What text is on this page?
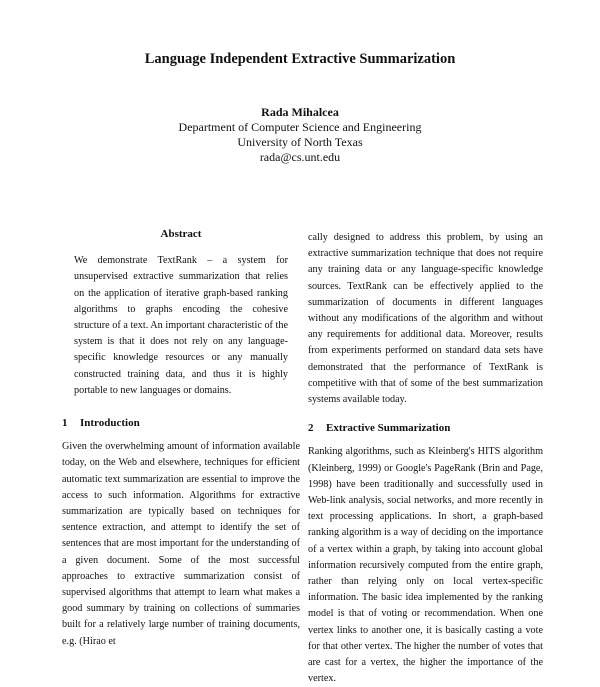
Language Independent Extractive Summarization
Rada Mihalcea
Department of Computer Science and Engineering
University of North Texas
rada@cs.unt.edu
Abstract

We demonstrate TextRank – a system for unsupervised extractive summarization that relies on the application of iterative graph-based ranking algorithms to graphs encoding the cohesive structure of a text. An important characteristic of the system is that it does not rely on any language-specific knowledge resources or any manually constructed training data, and thus it is highly portable to new languages or domains.

1 Introduction

Given the overwhelming amount of information available today, on the Web and elsewhere, techniques for efficient automatic text summarization are essential to improve the access to such information. Algorithms for extractive summarization are typically based on techniques for sentence extraction, and attempt to identify the set of sentences that are most important for the understanding of a given document. Some of the most successful approaches to extractive summarization consist of supervised algorithms that attempt to learn what makes a good summary by training on collections of summaries built for a relatively large number of training documents, e.g. (Hirao et

cally designed to address this problem, by using an extractive summarization technique that does not require any training data or any language-specific knowledge sources. TextRank can be effectively applied to the summarization of documents in different languages without any modifications of the algorithm and without any requirements for additional data. Moreover, results from experiments performed on standard data sets have demonstrated that the performance of TextRank is competitive with that of some of the best summarization systems available today.

2 Extractive Summarization

Ranking algorithms, such as Kleinberg's HITS algorithm (Kleinberg, 1999) or Google's PageRank (Brin and Page, 1998) have been traditionally and successfully used in Web-link analysis, social networks, and more recently in text processing applications. In short, a graph-based ranking algorithm is a way of deciding on the importance of a vertex within a graph, by taking into account global information recursively computed from the entire graph, rather than relying only on local vertex-specific information. The basic idea implemented by the ranking model is that of voting or recommendation. When one vertex links to another one, it is basically casting a vote for that other vertex. The higher the number of votes that are cast for a vertex, the higher the importance of the vertex.
